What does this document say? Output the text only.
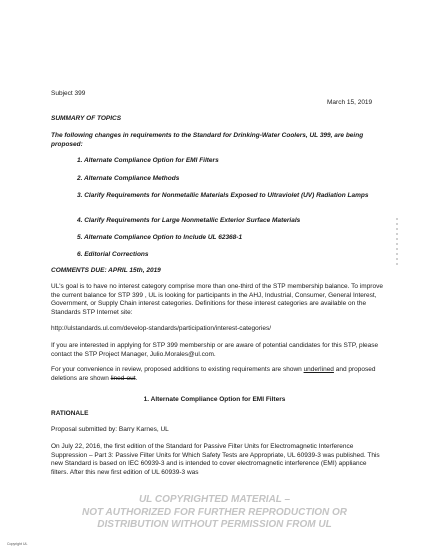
Subject 399
March 15, 2019
SUMMARY OF TOPICS
The following changes in requirements to the Standard for Drinking-Water Coolers, UL 399, are being proposed:
1. Alternate Compliance Option for EMI Filters
2. Alternate Compliance Methods
3. Clarify Requirements for Nonmetallic Materials Exposed to Ultraviolet (UV) Radiation Lamps
4. Clarify Requirements for Large Nonmetallic Exterior Surface Materials
5. Alternate Compliance Option to Include UL 62368-1
6. Editorial Corrections
COMMENTS DUE: APRIL 15th, 2019
UL's goal is to have no interest category comprise more than one-third of the STP membership balance. To improve the current balance for STP 399 , UL is looking for participants in the AHJ, Industrial, Consumer, General Interest, Government, or Supply Chain interest categories. Definitions for these interest categories are available on the Standards STP Internet site:
http://ulstandards.ul.com/develop-standards/participation/interest-categories/
If you are interested in applying for STP 399 membership or are aware of potential candidates for this STP, please contact the STP Project Manager, Julio.Morales@ul.com.
For your convenience in review, proposed additions to existing requirements are shown underlined and proposed deletions are shown lined-out.
1. Alternate Compliance Option for EMI Filters
RATIONALE
Proposal submitted by: Barry Karnes, UL
On July 22, 2016, the first edition of the Standard for Passive Filter Units for Electromagnetic Interference Suppression – Part 3: Passive Filter Units for Which Safety Tests are Appropriate, UL 60939-3 was published. This new Standard is based on IEC 60939-3 and is intended to cover electromagnetic interference (EMI) appliance filters. After this new first edition of UL 60939-3 was
UL COPYRIGHTED MATERIAL –
NOT AUTHORIZED FOR FURTHER REPRODUCTION OR
DISTRIBUTION WITHOUT PERMISSION FROM UL
Copyright UL
